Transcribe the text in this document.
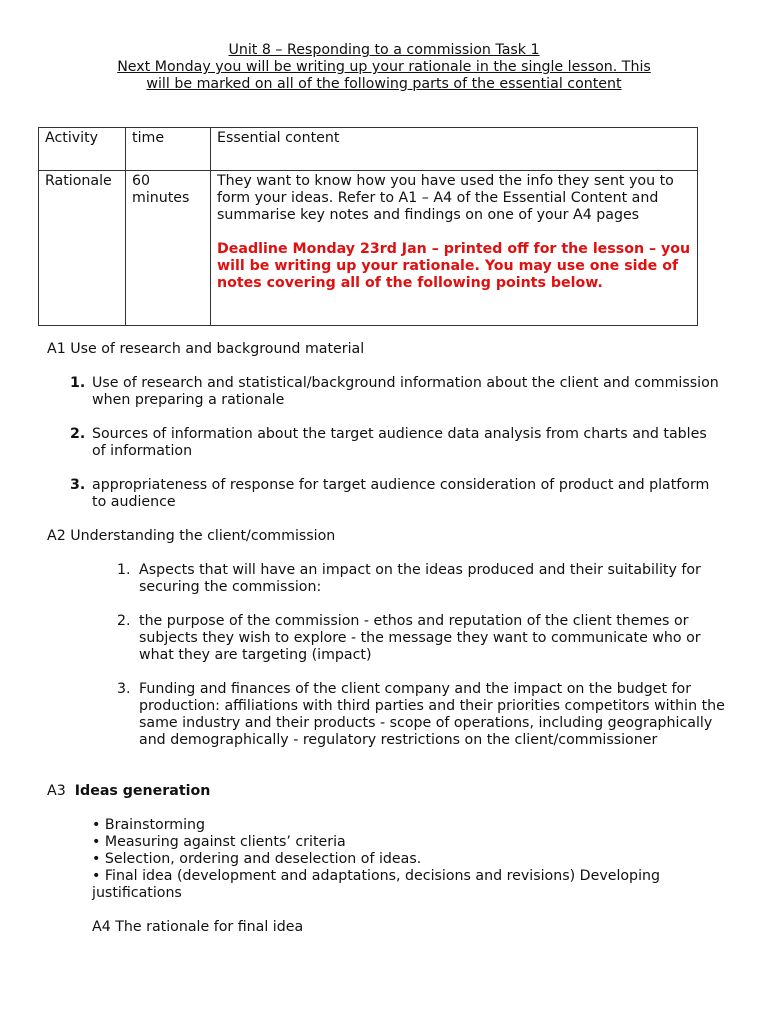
Unit 8 – Responding to a commission Task 1
Next Monday you will be writing up your rationale in the single lesson. This
will be marked on all of the following parts of the essential content
Activity	time	Essential content
Rationale	60 minutes	They want to know how you have used the info they sent you to form your ideas. Refer to A1 – A4 of the Essential Content and summarise key notes and findings on one of your A4 pages
Deadline Monday 23rd Jan – printed off for the lesson – you will be writing up your rationale. You may use one side of notes covering all of the following points below.
A1 Use of research and background material
1. Use of research and statistical/background information about the client and commission when preparing a rationale
2. Sources of information about the target audience data analysis from charts and tables of information
3. appropriateness of response for target audience consideration of product and platform to audience
A2 Understanding the client/commission
1. Aspects that will have an impact on the ideas produced and their suitability for securing the commission:
2. the purpose of the commission - ethos and reputation of the client themes or subjects they wish to explore - the message they want to communicate who or what they are targeting (impact)
3. Funding and finances of the client company and the impact on the budget for production: affiliations with third parties and their priorities competitors within the same industry and their products - scope of operations, including geographically and demographically - regulatory restrictions on the client/commissioner
A3 Ideas generation
• Brainstorming
• Measuring against clients’ criteria
• Selection, ordering and deselection of ideas.
• Final idea (development and adaptations, decisions and revisions) Developing justifications
A4 The rationale for final idea
